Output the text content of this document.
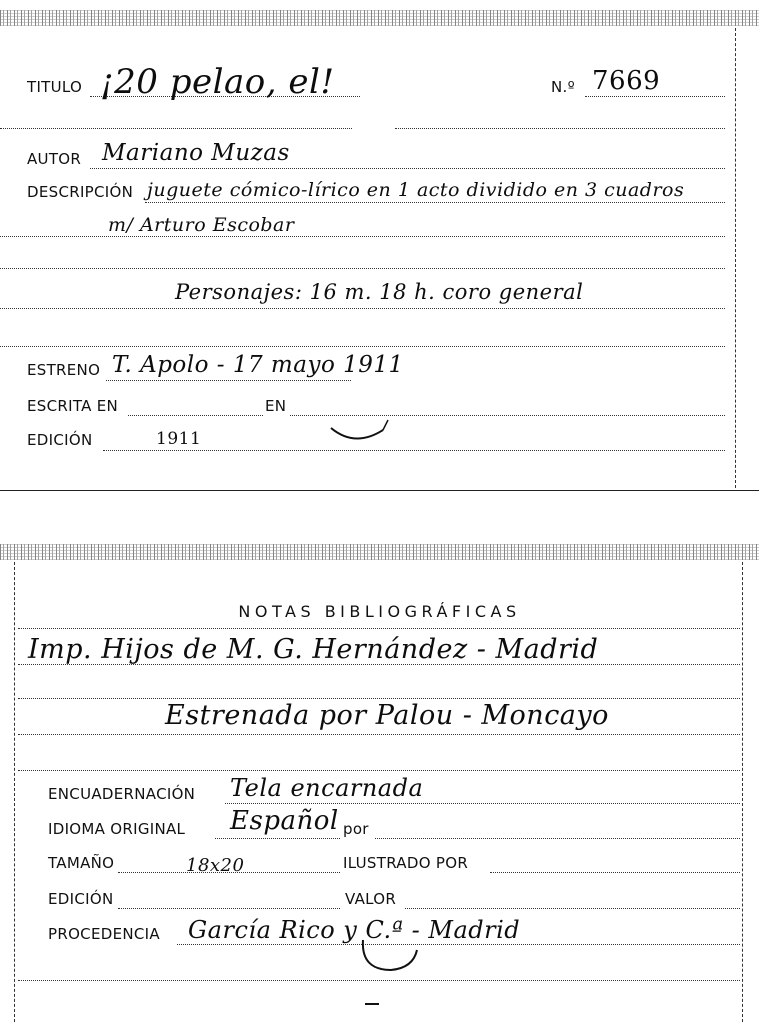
TITULO ¡20 pelao, el!	N.º 7669
AUTOR Mariano Muzas
DESCRIPCIÓN juguete cómico-lírico en 1 acto dividido en 3 cuadros
m/ Arturo Escobar
Personajes: 16 m. 18 h. coro general
ESTRENO T. Apolo - 17 mayo 1911
ESCRITA EN	EN
EDICIÓN	1911
NOTAS BIBLIOGRÁFICAS
Imp. Hijos de M. G. Hernández - Madrid
Estrenada por Palou - Moncayo
ENCUADERNACIÓN Tela encarnada
IDIOMA ORIGINAL Español por
TAMAÑO	18x20	ILUSTRADO POR
EDICIÓN	VALOR
PROCEDENCIA García Rico y C.ª - Madrid
